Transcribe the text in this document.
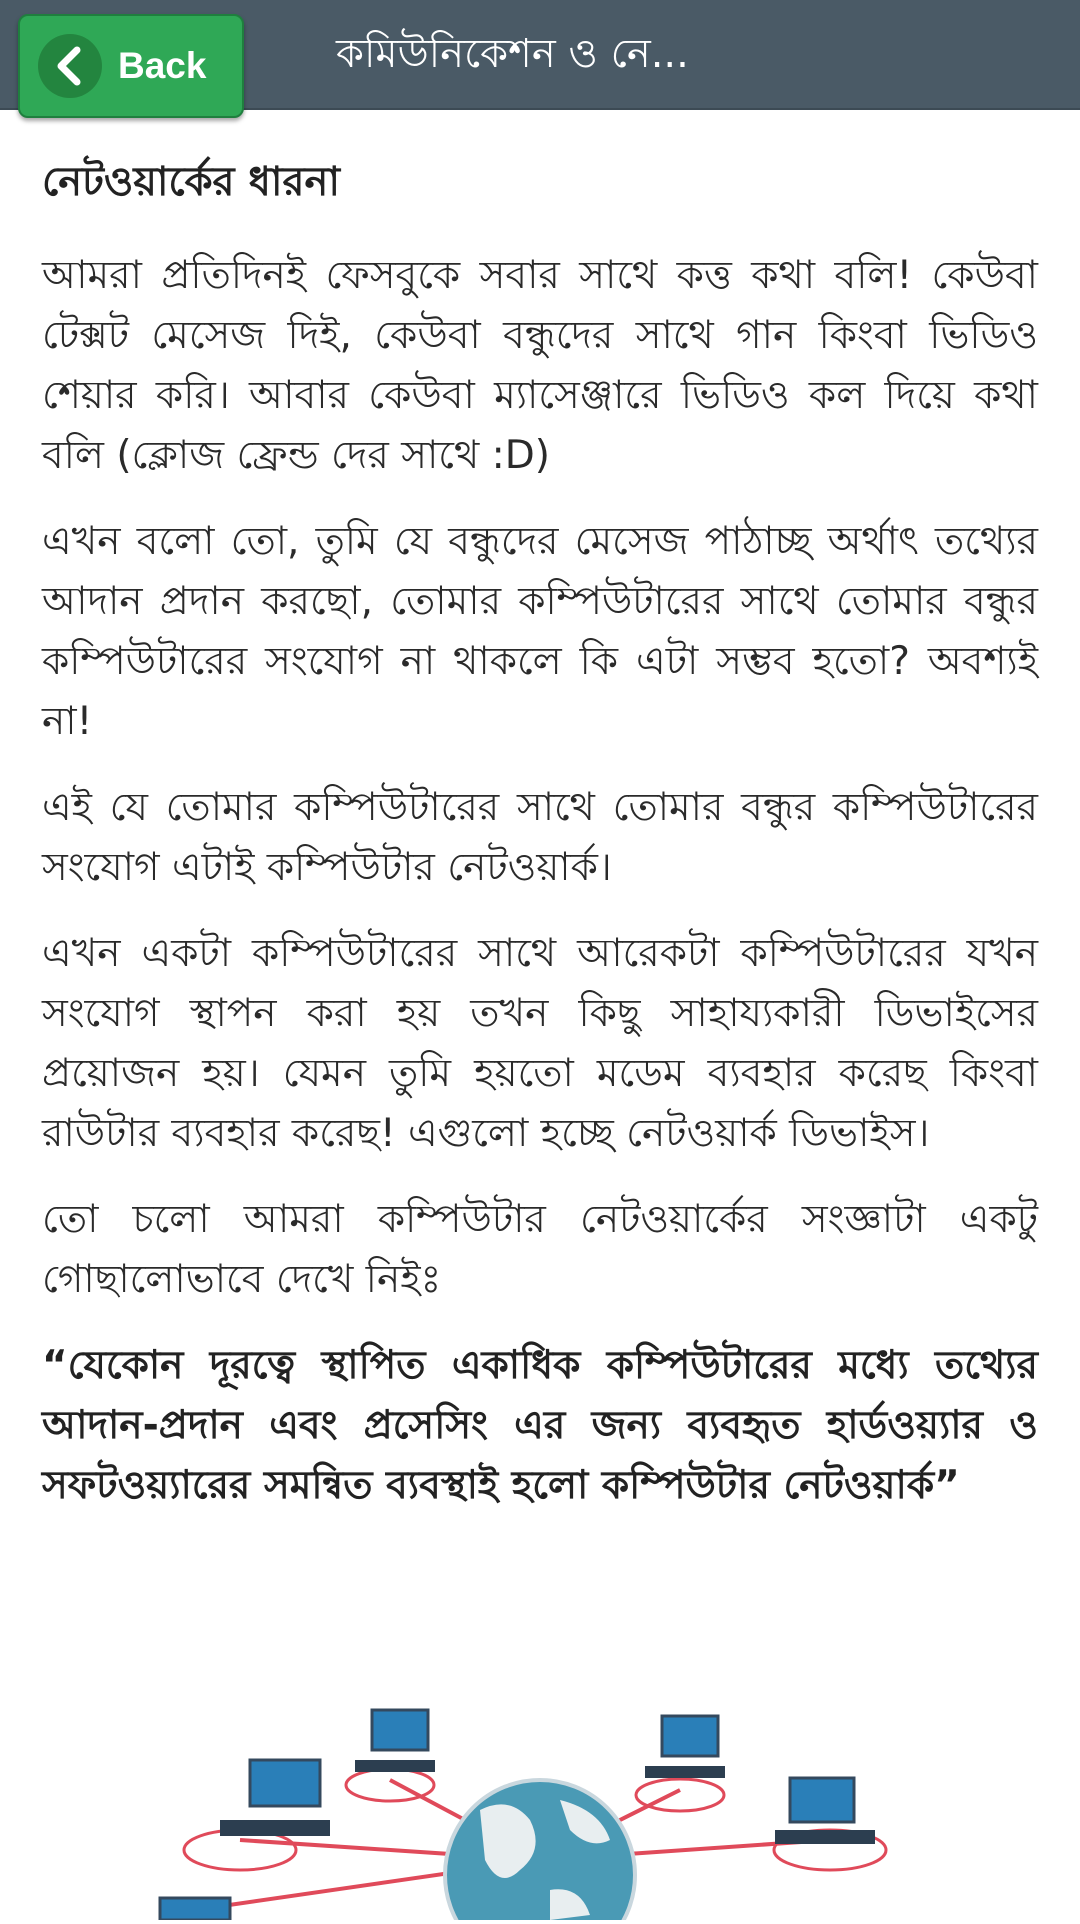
Back	কমিউনিকেশন ও নে...
নেটওয়ার্কের ধারনা

আমরা প্রতিদিনই ফেসবুকে সবার সাথে কত্ত কথা বলি! কেউবা টেক্সট মেসেজ দিই, কেউবা বন্ধুদের সাথে গান কিংবা ভিডিও শেয়ার করি। আবার কেউবা ম্যাসেঞ্জারে ভিডিও কল দিয়ে কথা বলি (ক্লোজ ফ্রেন্ড দের সাথে :D)

এখন বলো তো, তুমি যে বন্ধুদের মেসেজ পাঠাচ্ছ অর্থাৎ তথ্যের আদান প্রদান করছো, তোমার কম্পিউটারের সাথে তোমার বন্ধুর কম্পিউটারের সংযোগ না থাকলে কি এটা সম্ভব হতো? অবশ্যই না!

এই যে তোমার কম্পিউটারের সাথে তোমার বন্ধুর কম্পিউটারের সংযোগ এটাই কম্পিউটার নেটওয়ার্ক।

এখন একটা কম্পিউটারের সাথে আরেকটা কম্পিউটারের যখন সংযোগ স্থাপন করা হয় তখন কিছু সাহায্যকারী ডিভাইসের প্রয়োজন হয়। যেমন তুমি হয়তো মডেম ব্যবহার করেছ কিংবা রাউটার ব্যবহার করেছ! এগুলো হচ্ছে নেটওয়ার্ক ডিভাইস।

তো চলো আমরা কম্পিউটার নেটওয়ার্কের সংজ্ঞাটা একটু গোছালোভাবে দেখে নিইঃ

“যেকোন দূরত্বে স্থাপিত একাধিক কম্পিউটারের মধ্যে তথ্যের আদান-প্রদান এবং প্রসেসিং এর জন্য ব্যবহৃত হার্ডওয়্যার ও সফটওয়্যারের সমন্বিত ব্যবস্থাই হলো কম্পিউটার নেটওয়ার্ক”
